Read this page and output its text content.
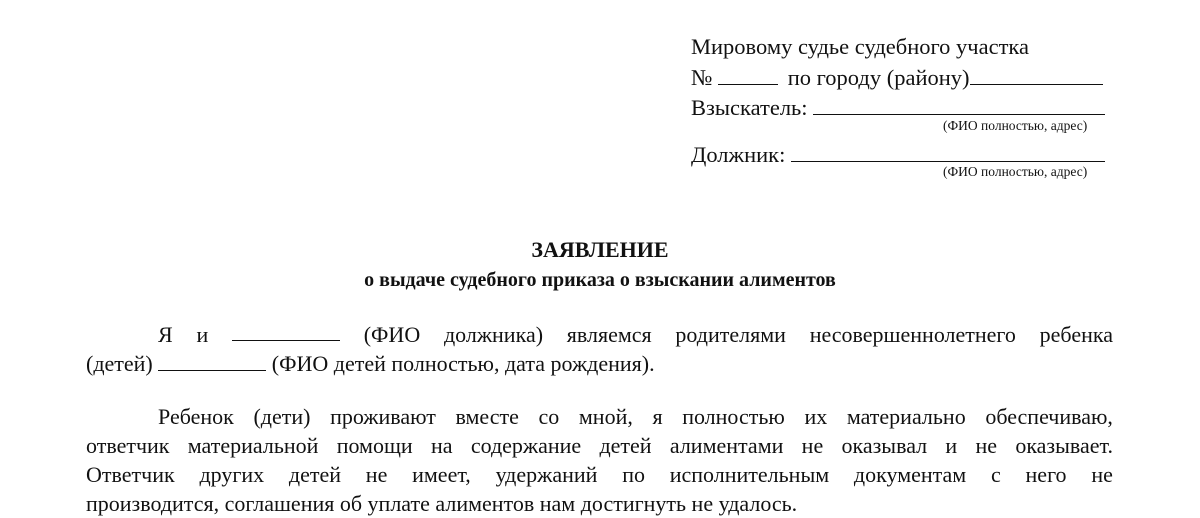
Мировому судье судебного участка
№	по городу (району)
Взыскатель:
(ФИО полностью, адрес)
Должник:
(ФИО полностью, адрес)
ЗАЯВЛЕНИЕ
о выдаче судебного приказа о взыскании алиментов
Я и	(ФИО должника) являемся родителями несовершеннолетнего ребенка
(детей)	(ФИО детей полностью, дата рождения).
Ребенок (дети) проживают вместе со мной, я полностью их материально обеспечиваю,
ответчик материальной помощи на содержание детей алиментами не оказывал и не оказывает.
Ответчик других детей не имеет, удержаний по исполнительным документам с него не
производится, соглашения об уплате алиментов нам достигнуть не удалось.
